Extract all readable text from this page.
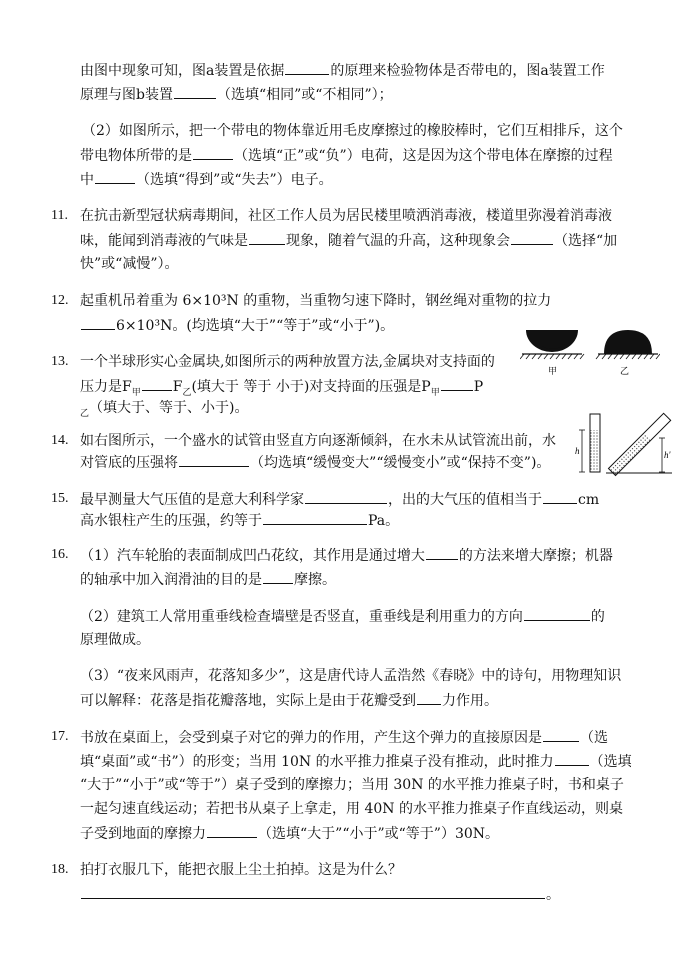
由图中现象可知，图a装置是依据	的原理来检验物体是否带电的，图a装置工作
原理与图b装置	（选填“相同”或“不相同”）；
（2）如图所示，把一个带电的物体靠近用毛皮摩擦过的橡胶棒时，它们互相排斥，这个
带电物体所带的是	（选填“正”或“负”）电荷，这是因为这个带电体在摩擦的过程
中	（选填“得到”或“失去”）电子。
11. 在抗击新型冠状病毒期间，社区工作人员为居民楼里喷洒消毒液，楼道里弥漫着消毒液
味，能闻到消毒液的气味是	现象，随着气温的升高，这种现象会	（选择“加
快”或“减慢”）。
12. 起重机吊着重为 6×10³N 的重物，当重物匀速下降时，钢丝绳对重物的拉力
6×10³N。(均选填“大于”“等于”或“小于”)。
13. 一个半球形实心金属块,如图所示的两种放置方法,金属块对支持面的
压力是$F_甲$ $F_乙$(填大于 等于 小于)对支持面的压强是$P_甲$ P
$_乙$（填大于、等于、小于)。
甲	乙
14. 如右图所示，一个盛水的试管由竖直方向逐渐倾斜，在水未从试管流出前，水
对管底的压强将	（均选填“缓慢变大”“缓慢变小”或“保持不变”)。
h	h'
15. 最早测量大气压值的是意大利科学家	，出的大气压的值相当于	cm
高水银柱产生的压强，约等于	Pa。
16. （1）汽车轮胎的表面制成凹凸花纹，其作用是通过增大 的方法来增大摩擦；机器
的轴承中加入润滑油的目的是 摩擦。
（2）建筑工人常用重垂线检查墙壁是否竖直，重垂线是利用重力的方向	的
原理做成。
（3）“夜来风雨声，花落知多少”，这是唐代诗人孟浩然《春晓》中的诗句，用物理知识
可以解释：花落是指花瓣落地，实际上是由于花瓣受到 力作用。
17. 书放在桌面上，会受到桌子对它的弹力的作用，产生这个弹力的直接原因是	（选
填“桌面”或“书”）的形变；当用 10N 的水平推力推桌子没有推动，此时推力	（选填
“大于”“小于”或“等于”）桌子受到的摩擦力；当用 30N 的水平推力推桌子时，书和桌子
一起匀速直线运动；若把书从桌子上拿走，用 40N 的水平推力推桌子作直线运动，则桌
子受到地面的摩擦力	（选填“大于”“小于”或“等于”）30N。
18. 拍打衣服几下，能把衣服上尘土拍掉。这是为什么？
。
